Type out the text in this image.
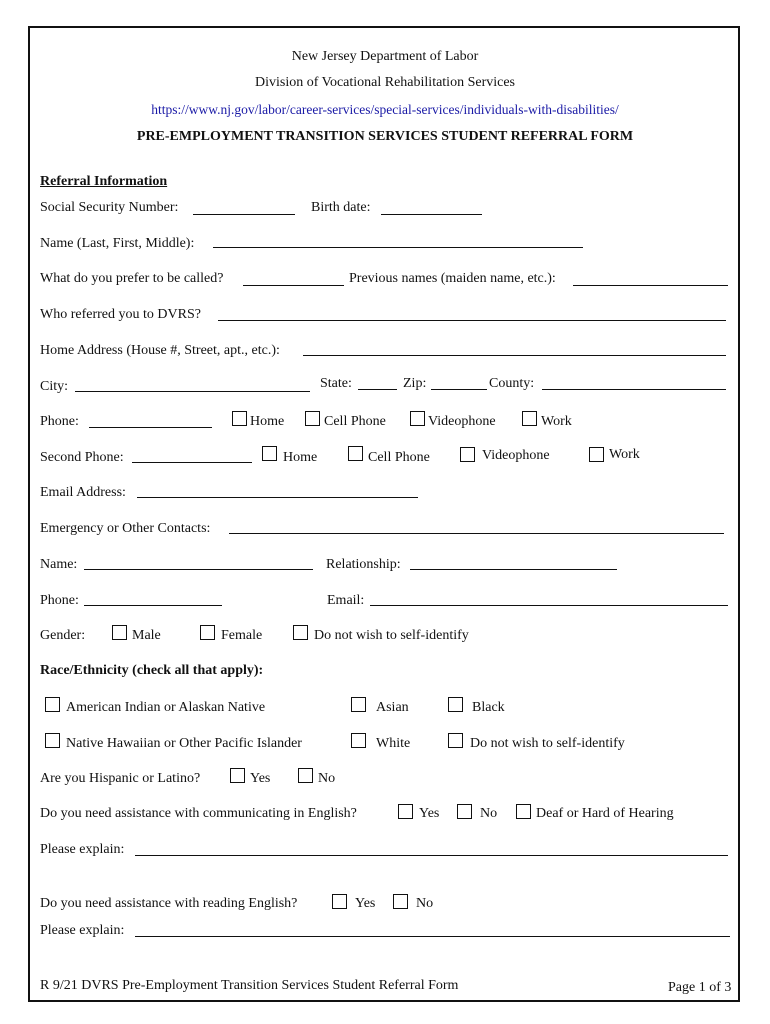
New Jersey Department of Labor
Division of Vocational Rehabilitation Services
https://www.nj.gov/labor/career-services/special-services/individuals-with-disabilities/
PRE-EMPLOYMENT TRANSITION SERVICES STUDENT REFERRAL FORM
Referral Information
Social Security Number:	Birth date:
Name (Last, First, Middle):
What do you prefer to be called?	Previous names (maiden name, etc.):
Who referred you to DVRS?
Home Address (House #, Street, apt., etc.):
City:	State:	Zip:	County:
Phone:	Home	Cell Phone	Videophone	Work
Second Phone:	Home	Cell Phone	Videophone	Work
Email Address:
Emergency or Other Contacts:
Name:	Relationship:
Phone:	Email:
Gender:	Male	Female	Do not wish to self-identify
Race/Ethnicity (check all that apply):
American Indian or Alaskan Native	Asian	Black
Native Hawaiian or Other Pacific Islander	White	Do not wish to self-identify
Are you Hispanic or Latino?	Yes	No
Do you need assistance with communicating in English?	Yes	No	Deaf or Hard of Hearing
Please explain:
Do you need assistance with reading English?	Yes	No
Please explain:
R 9/21 DVRS Pre-Employment Transition Services Student Referral Form	Page 1 of 3
